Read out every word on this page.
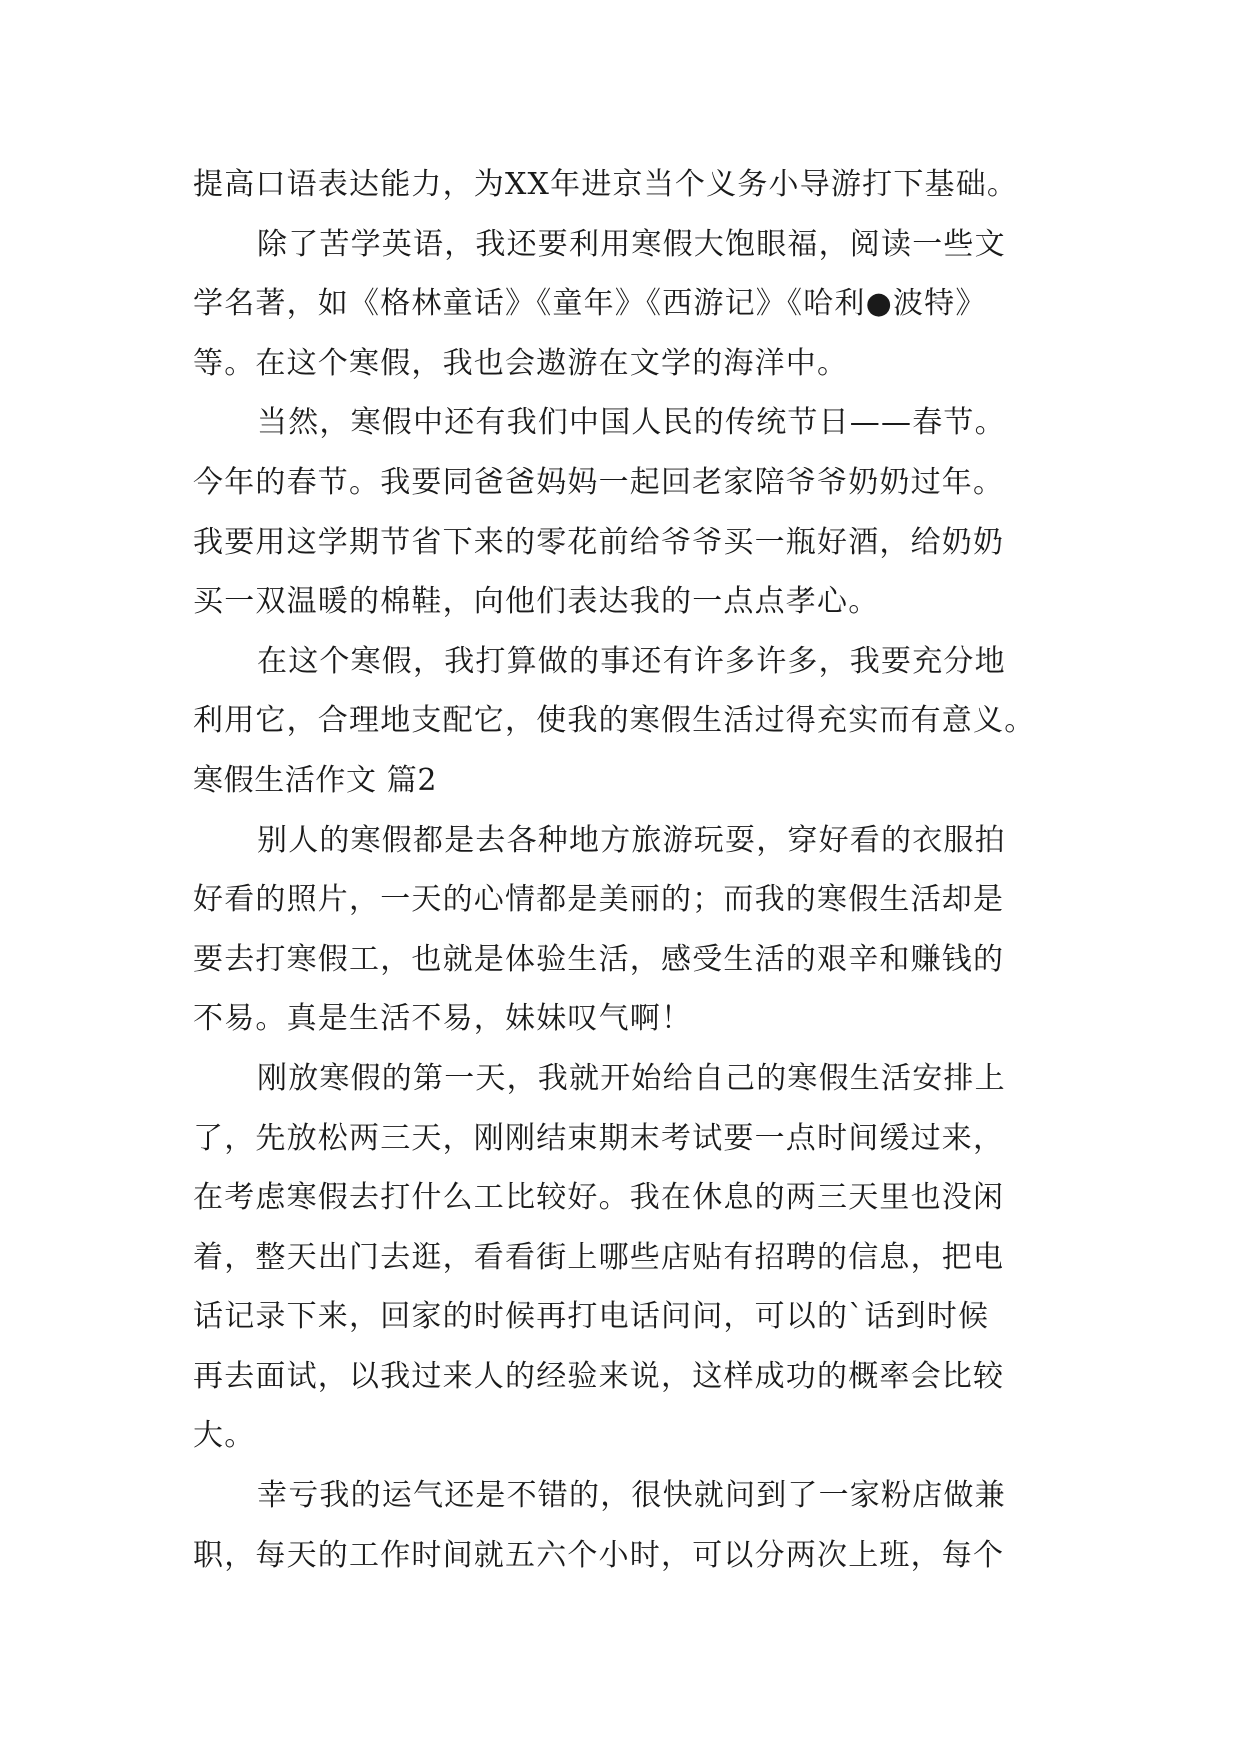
提高口语表达能力，为XX年进京当个义务小导游打下基础。
除了苦学英语，我还要利用寒假大饱眼福，阅读一些文
学名著，如《格林童话》《童年》《西游记》《哈利●波特》
等。在这个寒假，我也会遨游在文学的海洋中。
当然，寒假中还有我们中国人民的传统节日——春节。
今年的春节。我要同爸爸妈妈一起回老家陪爷爷奶奶过年。
我要用这学期节省下来的零花前给爷爷买一瓶好酒，给奶奶
买一双温暖的棉鞋，向他们表达我的一点点孝心。
在这个寒假，我打算做的事还有许多许多，我要充分地
利用它，合理地支配它，使我的寒假生活过得充实而有意义。
寒假生活作文 篇2
别人的寒假都是去各种地方旅游玩耍，穿好看的衣服拍
好看的照片，一天的心情都是美丽的；而我的寒假生活却是
要去打寒假工，也就是体验生活，感受生活的艰辛和赚钱的
不易。真是生活不易，妹妹叹气啊！
刚放寒假的第一天，我就开始给自己的寒假生活安排上
了，先放松两三天，刚刚结束期末考试要一点时间缓过来，
在考虑寒假去打什么工比较好。我在休息的两三天里也没闲
着，整天出门去逛，看看街上哪些店贴有招聘的信息，把电
话记录下来，回家的时候再打电话问问，可以的`话到时候
再去面试，以我过来人的经验来说，这样成功的概率会比较
大。
幸亏我的运气还是不错的，很快就问到了一家粉店做兼
职，每天的工作时间就五六个小时，可以分两次上班，每个
